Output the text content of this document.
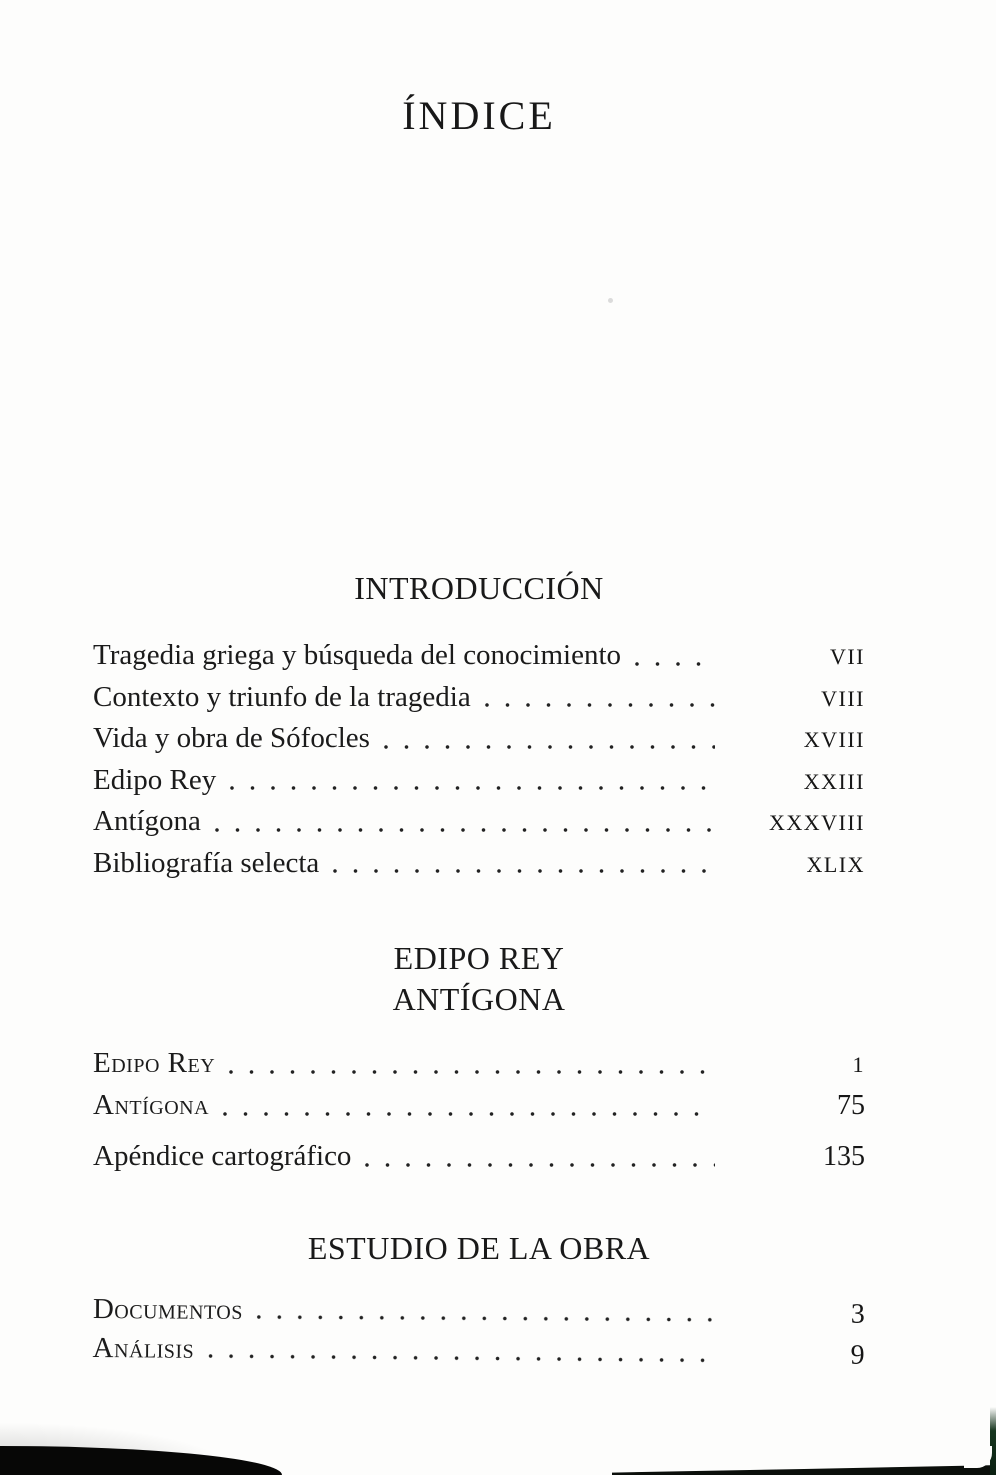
ÍNDICE
INTRODUCCIÓN
Tragedia griega y búsqueda del conocimiento	VII
Contexto y triunfo de la tragedia	VIII
Vida y obra de Sófocles	XVIII
Edipo Rey	XXIII
Antígona	XXXVIII
Bibliografía selecta	XLIX
EDIPO REY
ANTÍGONA
Edipo Rey	1
Antígona	75
Apéndice cartográfico	135
ESTUDIO DE LA OBRA
Documentos	3
Análisis	9
